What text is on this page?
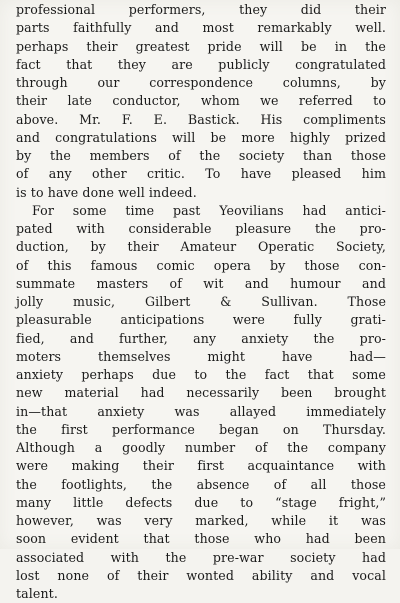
professional performers, they did their
parts faithfully and most remarkably well.
perhaps their greatest pride will be in the
fact that they are publicly congratulated
through our correspondence columns, by
their late conductor, whom we referred to
above. Mr. F. E. Bastick. His compliments
and congratulations will be more highly prized
by the members of the society than those
of any other critic. To have pleased him
is to have done well indeed.

For some time past Yeovilians had antici-
pated with considerable pleasure the pro-
duction, by their Amateur Operatic Society,
of this famous comic opera by those con-
summate masters of wit and humour and
jolly music, Gilbert & Sullivan. Those
pleasurable anticipations were fully grati-
fied, and further, any anxiety the pro-
moters themselves might have had—
anxiety perhaps due to the fact that some
new material had necessarily been brought
in—that anxiety was allayed immediately
the first performance began on Thursday.
Although a goodly number of the company
were making their first acquaintance with
the footlights, the absence of all those
many little defects due to “stage fright,”
however, was very marked, while it was
soon evident that those who had been
associated with the pre-war society had
lost none of their wonted ability and vocal
talent.
